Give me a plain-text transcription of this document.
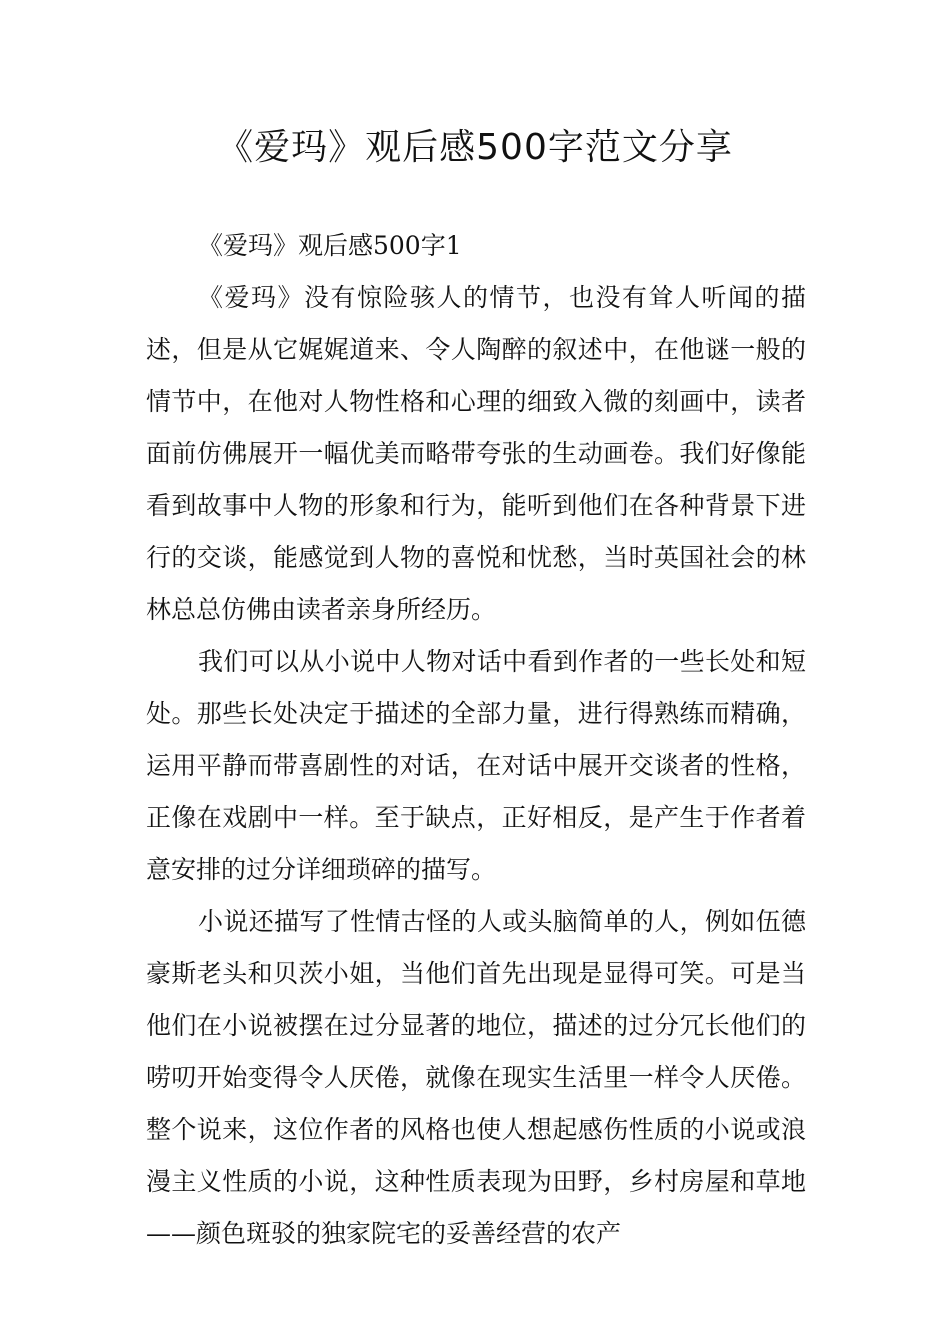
《爱玛》观后感500字范文分享

《爱玛》观后感500字1

《爱玛》没有惊险骇人的情节，也没有耸人听闻的描述，但是从它娓娓道来、令人陶醉的叙述中，在他谜一般的情节中，在他对人物性格和心理的细致入微的刻画中，读者面前仿佛展开一幅优美而略带夸张的生动画卷。我们好像能看到故事中人物的形象和行为，能听到他们在各种背景下进行的交谈，能感觉到人物的喜悦和忧愁，当时英国社会的林林总总仿佛由读者亲身所经历。

我们可以从小说中人物对话中看到作者的一些长处和短处。那些长处决定于描述的全部力量，进行得熟练而精确，运用平静而带喜剧性的对话，在对话中展开交谈者的性格，正像在戏剧中一样。至于缺点，正好相反，是产生于作者着意安排的过分详细琐碎的描写。

小说还描写了性情古怪的人或头脑简单的人，例如伍德豪斯老头和贝茨小姐，当他们首先出现是显得可笑。可是当他们在小说被摆在过分显著的地位，描述的过分冗长他们的唠叨开始变得令人厌倦，就像在现实生活里一样令人厌倦。整个说来，这位作者的风格也使人想起感伤性质的小说或浪漫主义性质的小说，这种性质表现为田野，乡村房屋和草地——颜色斑驳的独家院宅的妥善经营的农产
